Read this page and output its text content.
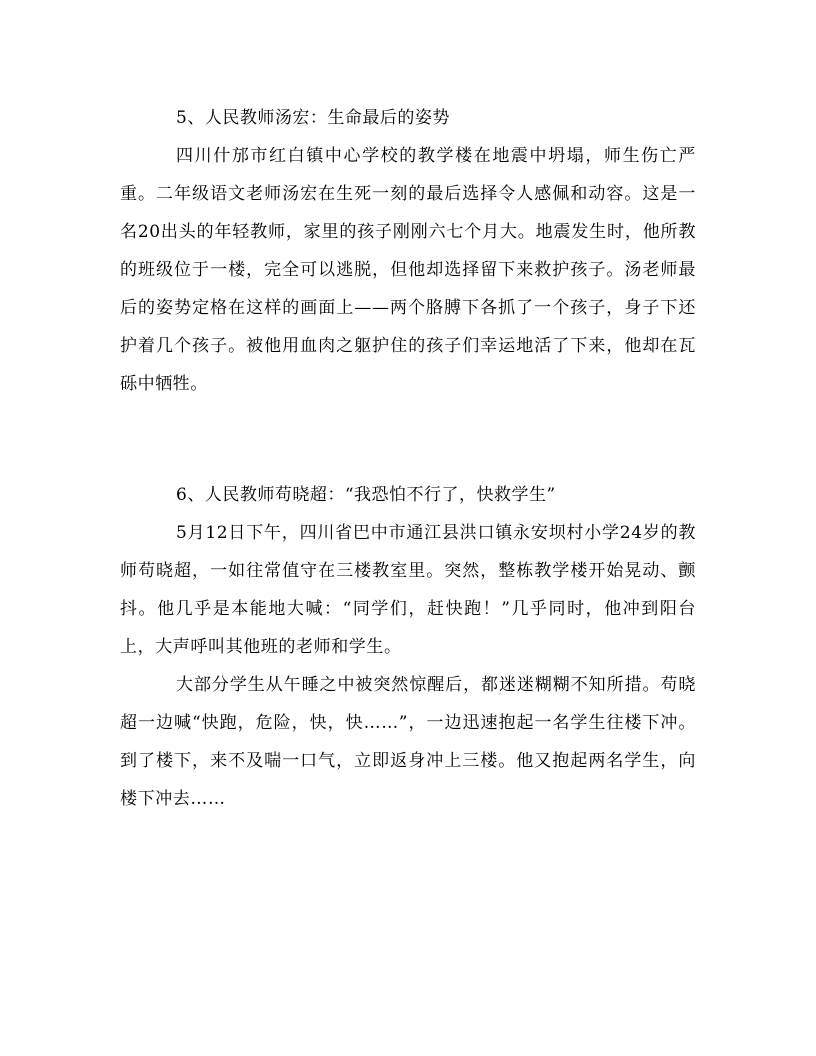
5、人民教师汤宏：生命最后的姿势

四川什邡市红白镇中心学校的教学楼在地震中坍塌，师生伤亡严重。二年级语文老师汤宏在生死一刻的最后选择令人感佩和动容。这是一名20出头的年轻教师，家里的孩子刚刚六七个月大。地震发生时，他所教的班级位于一楼，完全可以逃脱，但他却选择留下来救护孩子。汤老师最后的姿势定格在这样的画面上——两个胳膊下各抓了一个孩子，身子下还护着几个孩子。被他用血肉之躯护住的孩子们幸运地活了下来，他却在瓦砾中牺牲。

6、人民教师苟晓超：“我恐怕不行了，快救学生”

5月12日下午，四川省巴中市通江县洪口镇永安坝村小学24岁的教师苟晓超，一如往常值守在三楼教室里。突然，整栋教学楼开始晃动、颤抖。他几乎是本能地大喊：“同学们，赶快跑！”几乎同时，他冲到阳台上，大声呼叫其他班的老师和学生。

大部分学生从午睡之中被突然惊醒后，都迷迷糊糊不知所措。苟晓超一边喊“快跑，危险，快，快……”，一边迅速抱起一名学生往楼下冲。到了楼下，来不及喘一口气，立即返身冲上三楼。他又抱起两名学生，向楼下冲去……
